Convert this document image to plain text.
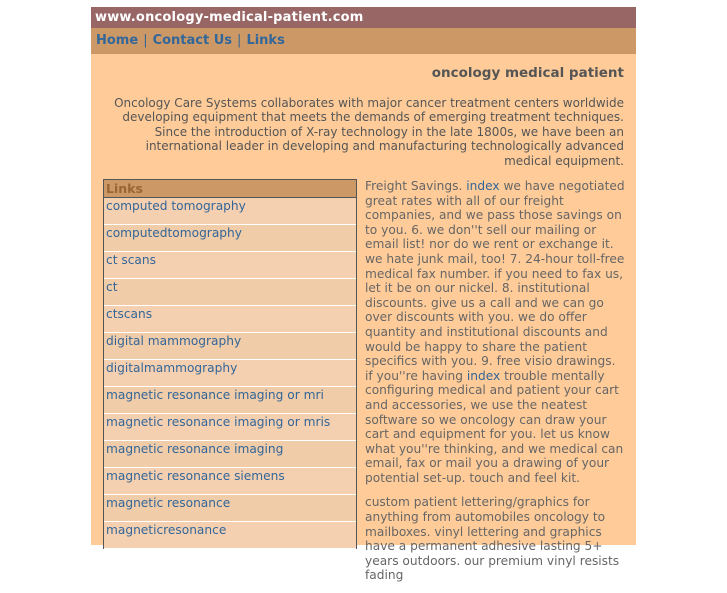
www.oncology-medical-patient.com
Home | Contact Us | Links
oncology medical patient
Oncology Care Systems collaborates with major cancer treatment centers worldwide developing equipment that meets the demands of emerging treatment techniques. Since the introduction of X-ray technology in the late 1800s, we have been an international leader in developing and manufacturing technologically advanced medical equipment.
Links
computed tomography
computedtomography
ct scans
ct
ctscans
digital mammography
digitalmammography
magnetic resonance imaging or mri
magnetic resonance imaging or mris
magnetic resonance imaging
magnetic resonance siemens
magnetic resonance
magneticresonance

Freight Savings. index we have negotiated great rates with all of our freight companies, and we pass those savings on to you. 6. we don''t sell our mailing or email list! nor do we rent or exchange it. we hate junk mail, too! 7. 24-hour toll-free medical fax number. if you need to fax us, let it be on our nickel. 8. institutional discounts. give us a call and we can go over discounts with you. we do offer quantity and institutional discounts and would be happy to share the patient specifics with you. 9. free visio drawings. if you''re having index trouble mentally configuring medical and patient your cart and accessories, we use the neatest software so we oncology can draw your cart and equipment for you. let us know what you''re thinking, and we medical can email, fax or mail you a drawing of your potential set-up. touch and feel kit.

custom patient lettering/graphics for anything from automobiles oncology to mailboxes. vinyl lettering and graphics have a permanent adhesive lasting 5+ years outdoors. our premium vinyl resists fading
